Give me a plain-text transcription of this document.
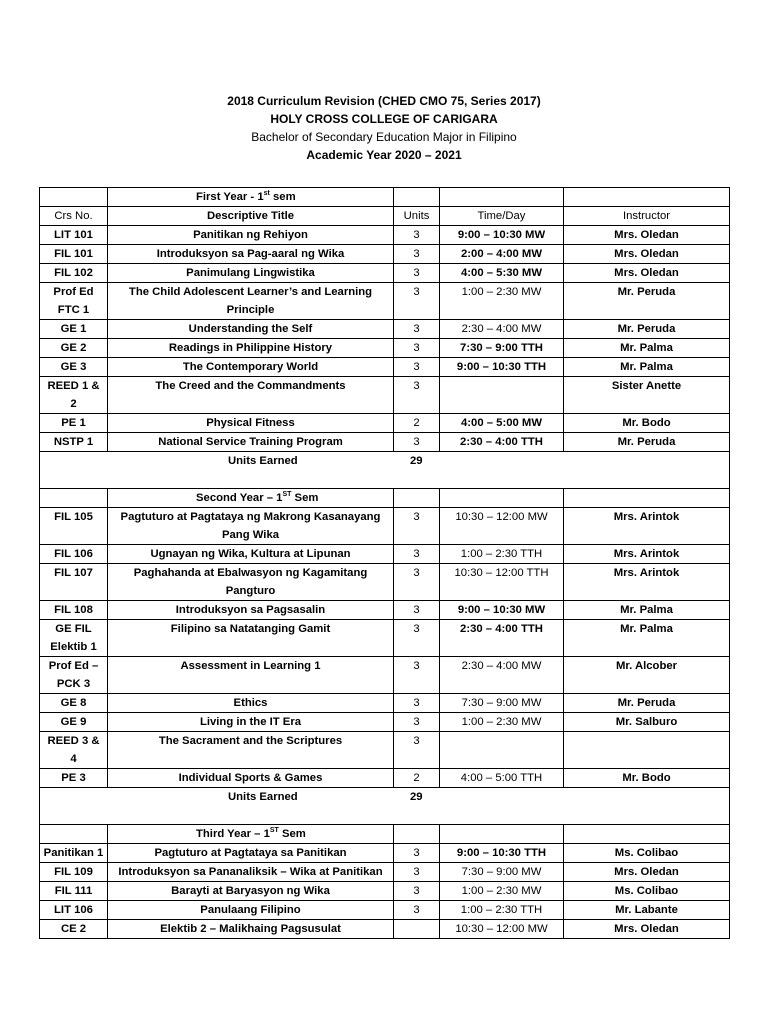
2018 Curriculum Revision (CHED CMO 75, Series 2017)
HOLY CROSS COLLEGE OF CARIGARA
Bachelor of Secondary Education Major in Filipino
Academic Year 2020 – 2021
	First Year - 1st sem			
Crs No.	Descriptive Title	Units	Time/Day	Instructor
LIT 101	Panitikan ng Rehiyon	3	9:00 – 10:30 MW	Mrs. Oledan
FIL 101	Introduksyon sa Pag-aaral ng Wika	3	2:00 – 4:00 MW	Mrs. Oledan
FIL 102	Panimulang Lingwistika	3	4:00 – 5:30 MW	Mrs. Oledan
Prof Ed FTC 1	The Child Adolescent Learner’s and Learning Principle	3	1:00 – 2:30 MW	Mr. Peruda
GE 1	Understanding the Self	3	2:30 – 4:00 MW	Mr. Peruda
GE 2	Readings in Philippine History	3	7:30 – 9:00 TTH	Mr. Palma
GE 3	The Contemporary World	3	9:00 – 10:30 TTH	Mr. Palma
REED 1 & 2	The Creed and the Commandments	3		Sister Anette
PE 1	Physical Fitness	2	4:00 – 5:00 MW	Mr. Bodo
NSTP 1	National Service Training Program	3	2:30 – 4:00 TTH	Mr. Peruda
Units Earned 29				
	Second Year – 1ST Sem			
FIL 105	Pagtuturo at Pagtataya ng Makrong Kasanayang Pang Wika	3	10:30 – 12:00 MW	Mrs. Arintok
FIL 106	Ugnayan ng Wika, Kultura at Lipunan	3	1:00 – 2:30 TTH	Mrs. Arintok
FIL 107	Paghahanda at Ebalwasyon ng Kagamitang Pangturo	3	10:30 – 12:00 TTH	Mrs. Arintok
FIL 108	Introduksyon sa Pagsasalin	3	9:00 – 10:30 MW	Mr. Palma
GE FIL Elektib 1	Filipino sa Natatanging Gamit	3	2:30 – 4:00 TTH	Mr. Palma
Prof Ed – PCK 3	Assessment in Learning 1	3	2:30 – 4:00 MW	Mr. Alcober
GE 8	Ethics	3	7:30 – 9:00 MW	Mr. Peruda
GE 9	Living in the IT Era	3	1:00 – 2:30 MW	Mr. Salburo
REED 3 & 4	The Sacrament and the Scriptures	3		
PE 3	Individual Sports & Games	2	4:00 – 5:00 TTH	Mr. Bodo
Units Earned 29				
	Third Year – 1ST Sem			
Panitikan 1	Pagtuturo at Pagtataya sa Panitikan	3	9:00 – 10:30 TTH	Ms. Colibao
FIL 109	Introduksyon sa Pananaliksik – Wika at Panitikan	3	7:30 – 9:00 MW	Mrs. Oledan
FIL 111	Barayti at Baryasyon ng Wika	3	1:00 – 2:30 MW	Ms. Colibao
LIT 106	Panulaang Filipino	3	1:00 – 2:30 TTH	Mr. Labante
CE 2	Elektib 2 – Malikhaing Pagsusulat		10:30 – 12:00 MW	Mrs. Oledan
